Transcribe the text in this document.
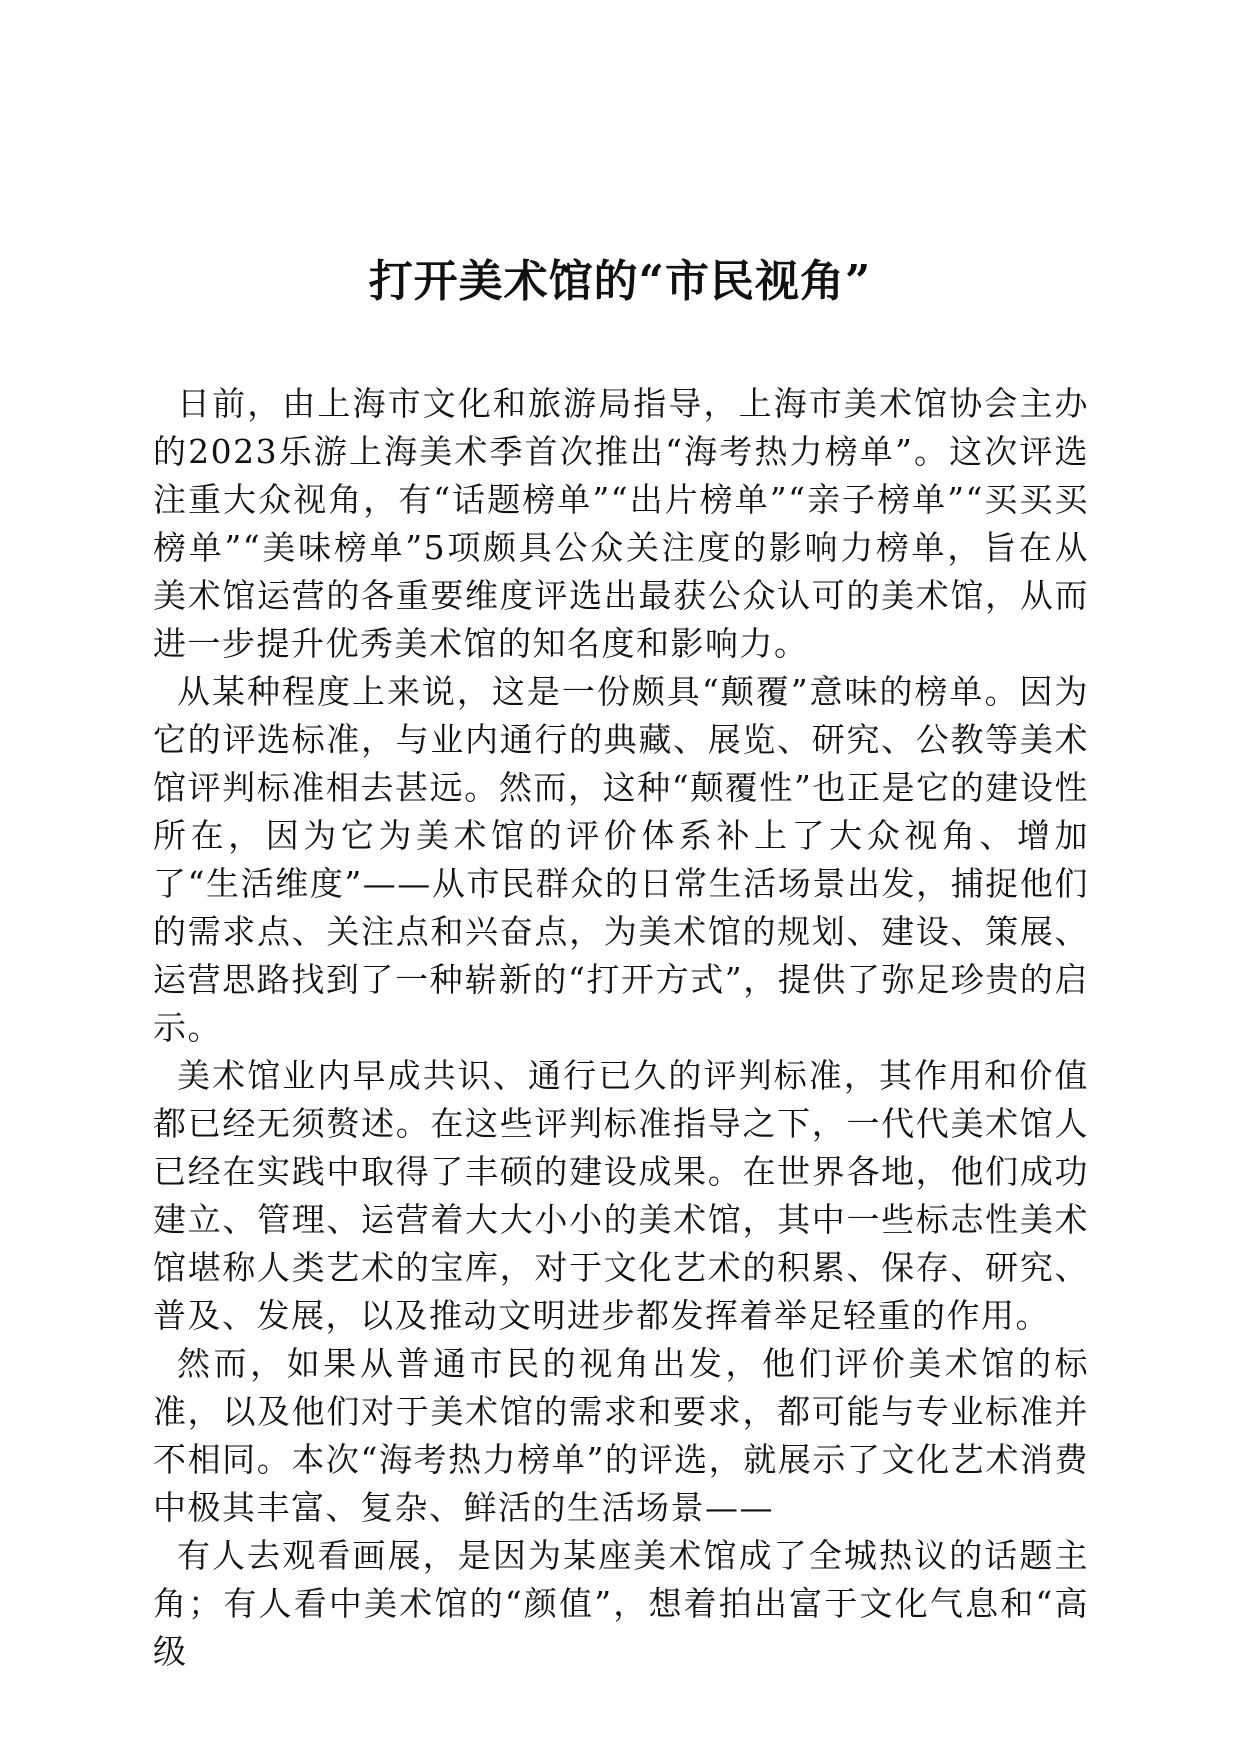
打开美术馆的“市民视角”

日前，由上海市文化和旅游局指导，上海市美术馆协会主办的2023乐游上海美术季首次推出“海考热力榜单”。这次评选注重大众视角，有“话题榜单”“出片榜单”“亲子榜单”“买买买榜单”“美味榜单”5项颇具公众关注度的影响力榜单，旨在从美术馆运营的各重要维度评选出最获公众认可的美术馆，从而进一步提升优秀美术馆的知名度和影响力。

从某种程度上来说，这是一份颇具“颠覆”意味的榜单。因为它的评选标准，与业内通行的典藏、展览、研究、公教等美术馆评判标准相去甚远。然而，这种“颠覆性”也正是它的建设性所在，因为它为美术馆的评价体系补上了大众视角、增加了“生活维度”——从市民群众的日常生活场景出发，捕捉他们的需求点、关注点和兴奋点，为美术馆的规划、建设、策展、运营思路找到了一种崭新的“打开方式”，提供了弥足珍贵的启示。

美术馆业内早成共识、通行已久的评判标准，其作用和价值都已经无须赘述。在这些评判标准指导之下，一代代美术馆人已经在实践中取得了丰硕的建设成果。在世界各地，他们成功建立、管理、运营着大大小小的美术馆，其中一些标志性美术馆堪称人类艺术的宝库，对于文化艺术的积累、保存、研究、普及、发展，以及推动文明进步都发挥着举足轻重的作用。

然而，如果从普通市民的视角出发，他们评价美术馆的标准，以及他们对于美术馆的需求和要求，都可能与专业标准并不相同。本次“海考热力榜单”的评选，就展示了文化艺术消费中极其丰富、复杂、鲜活的生活场景——

有人去观看画展，是因为某座美术馆成了全城热议的话题主角；有人看中美术馆的“颜值”，想着拍出富于文化气息和“高级
